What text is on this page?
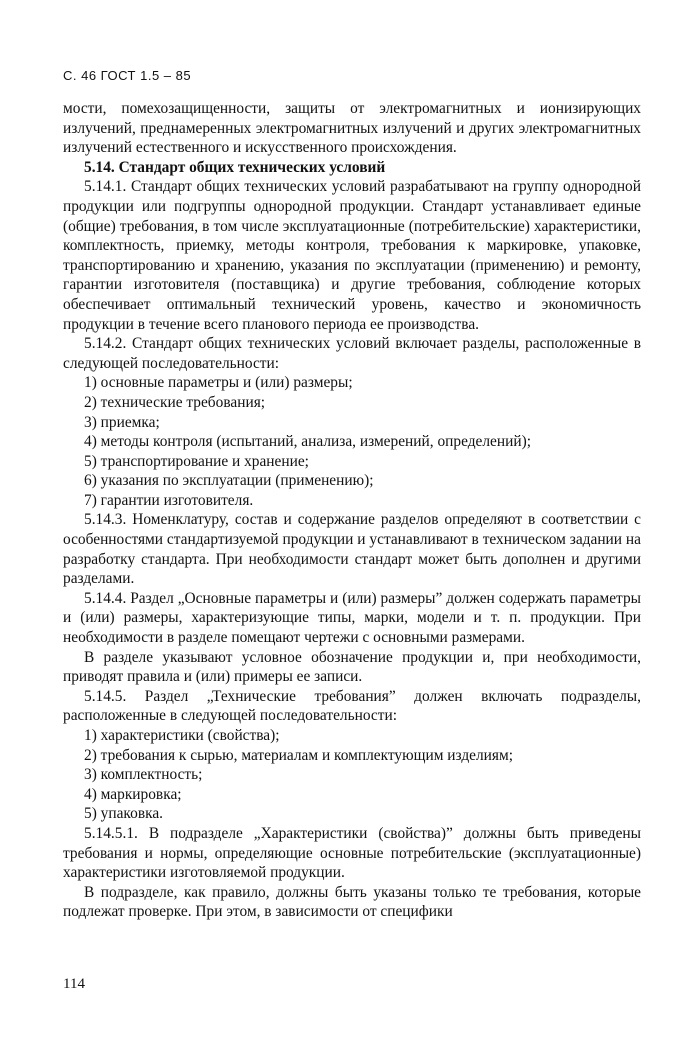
С. 46 ГОСТ 1.5 – 85

мости, помехозащищенности, защиты от электромагнитных и ионизирующих излучений, преднамеренных электромагнитных излучений и других электромагнитных излучений естественного и искусственного происхождения.

5.14. Стандарт общих технических условий

5.14.1. Стандарт общих технических условий разрабатывают на группу однородной продукции или подгруппы однородной продукции. Стандарт устанавливает единые (общие) требования, в том числе эксплуатационные (потребительские) характеристики, комплектность, приемку, методы контроля, требования к маркировке, упаковке, транспортированию и хранению, указания по эксплуатации (применению) и ремонту, гарантии изготовителя (поставщика) и другие требования, соблюдение которых обеспечивает оптимальный технический уровень, качество и экономичность продукции в течение всего планового периода ее производства.

5.14.2. Стандарт общих технических условий включает разделы, расположенные в следующей последовательности:

1) основные параметры и (или) размеры;

2) технические требования;

3) приемка;

4) методы контроля (испытаний, анализа, измерений, определений);

5) транспортирование и хранение;

6) указания по эксплуатации (применению);

7) гарантии изготовителя.

5.14.3. Номенклатуру, состав и содержание разделов определяют в соответствии с особенностями стандартизуемой продукции и устанавливают в техническом задании на разработку стандарта. При необходимости стандарт может быть дополнен и другими разделами.

5.14.4. Раздел „Основные параметры и (или) размеры” должен содержать параметры и (или) размеры, характеризующие типы, марки, модели и т. п. продукции. При необходимости в разделе помещают чертежи с основными размерами.

В разделе указывают условное обозначение продукции и, при необходимости, приводят правила и (или) примеры ее записи.

5.14.5. Раздел „Технические требования” должен включать подразделы, расположенные в следующей последовательности:

1) характеристики (свойства);

2) требования к сырью, материалам и комплектующим изделиям;

3) комплектность;

4) маркировка;

5) упаковка.

5.14.5.1. В подразделе „Характеристики (свойства)” должны быть приведены требования и нормы, определяющие основные потребительские (эксплуатационные) характеристики изготовляемой продукции.

В подразделе, как правило, должны быть указаны только те требования, которые подлежат проверке. При этом, в зависимости от специфики

114
